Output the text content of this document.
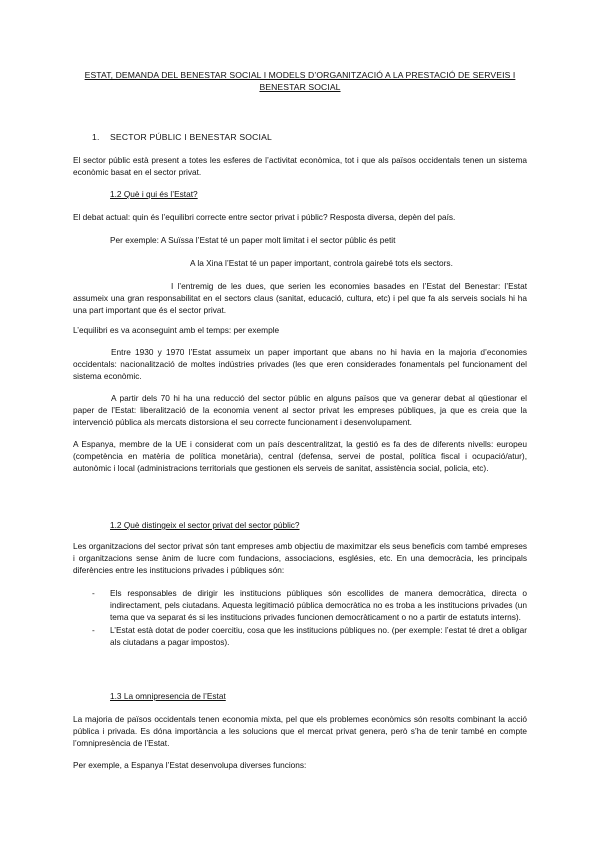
ESTAT, DEMANDA DEL BENESTAR SOCIAL I MODELS D’ORGANITZACIÓ A LA PRESTACIÓ DE SERVEIS I BENESTAR SOCIAL
1. SECTOR PÚBLIC I BENESTAR SOCIAL

El sector públic està present a totes les esferes de l’activitat econòmica, tot i que als països occidentals tenen un sistema econòmic basat en el sector privat.

1.2 Què i qui és l’Estat?

El debat actual: quin és l’equilibri correcte entre sector privat i públic? Resposta diversa, depèn del país.

Per exemple: A Suïssa l’Estat té un paper molt limitat i el sector públic és petit
A la Xina l’Estat té un paper important, controla gairebé tots els sectors.

I l’entremig de les dues, que serien les economies basades en l’Estat del Benestar: l’Estat assumeix una gran responsabilitat en el sectors claus (sanitat, educació, cultura, etc) i pel que fa als serveis socials hi ha una part important que és el sector privat.

L’equilibri es va aconseguint amb el temps: per exemple

Entre 1930 y 1970 l’Estat assumeix un paper important que abans no hi havia en la majoria d’economies occidentals: nacionalització de moltes indústries privades (les que eren considerades fonamentals pel funcionament del sistema econòmic.

A partir dels 70 hi ha una reducció del sector públic en alguns països que va generar debat al qüestionar el paper de l’Estat: liberalització de la economia venent al sector privat les empreses públiques, ja que es creia que la intervenció pública als mercats distorsiona el seu correcte funcionament i desenvolupament.

A Espanya, membre de la UE i considerat com un país descentralitzat, la gestió es fa des de diferents nivells: europeu (competència en matèria de política monetària), central (defensa, servei de postal, política fiscal i ocupació/atur), autonòmic i local (administracions territorials que gestionen els serveis de sanitat, assistència social, policia, etc).

1.2 Què distingeix el sector privat del sector públic?

Les organitzacions del sector privat són tant empreses amb objectiu de maximitzar els seus beneficis com també empreses i organitzacions sense ànim de lucre com fundacions, associacions, esglésies, etc. En una democràcia, les principals diferències entre les institucions privades i públiques són:

- Els responsables de dirigir les institucions públiques són escollides de manera democràtica, directa o indirectament, pels ciutadans. Aquesta legitimació pública democràtica no es troba a les institucions privades (un tema que va separat és si les institucions privades funcionen democràticament o no a partir de estatuts interns).
- L’Estat està dotat de poder coercitiu, cosa que les institucions públiques no. (per exemple: l’estat té dret a obligar als ciutadans a pagar impostos).
1.3 La omnipresencia de l’Estat

La majoria de països occidentals tenen economia mixta, pel que els problemes econòmics són resolts combinant la acció pública i privada. Es dóna importància a les solucions que el mercat privat genera, però s’ha de tenir també en compte l’omnipresència de l’Estat.

Per exemple, a Espanya l’Estat desenvolupa diverses funcions:
